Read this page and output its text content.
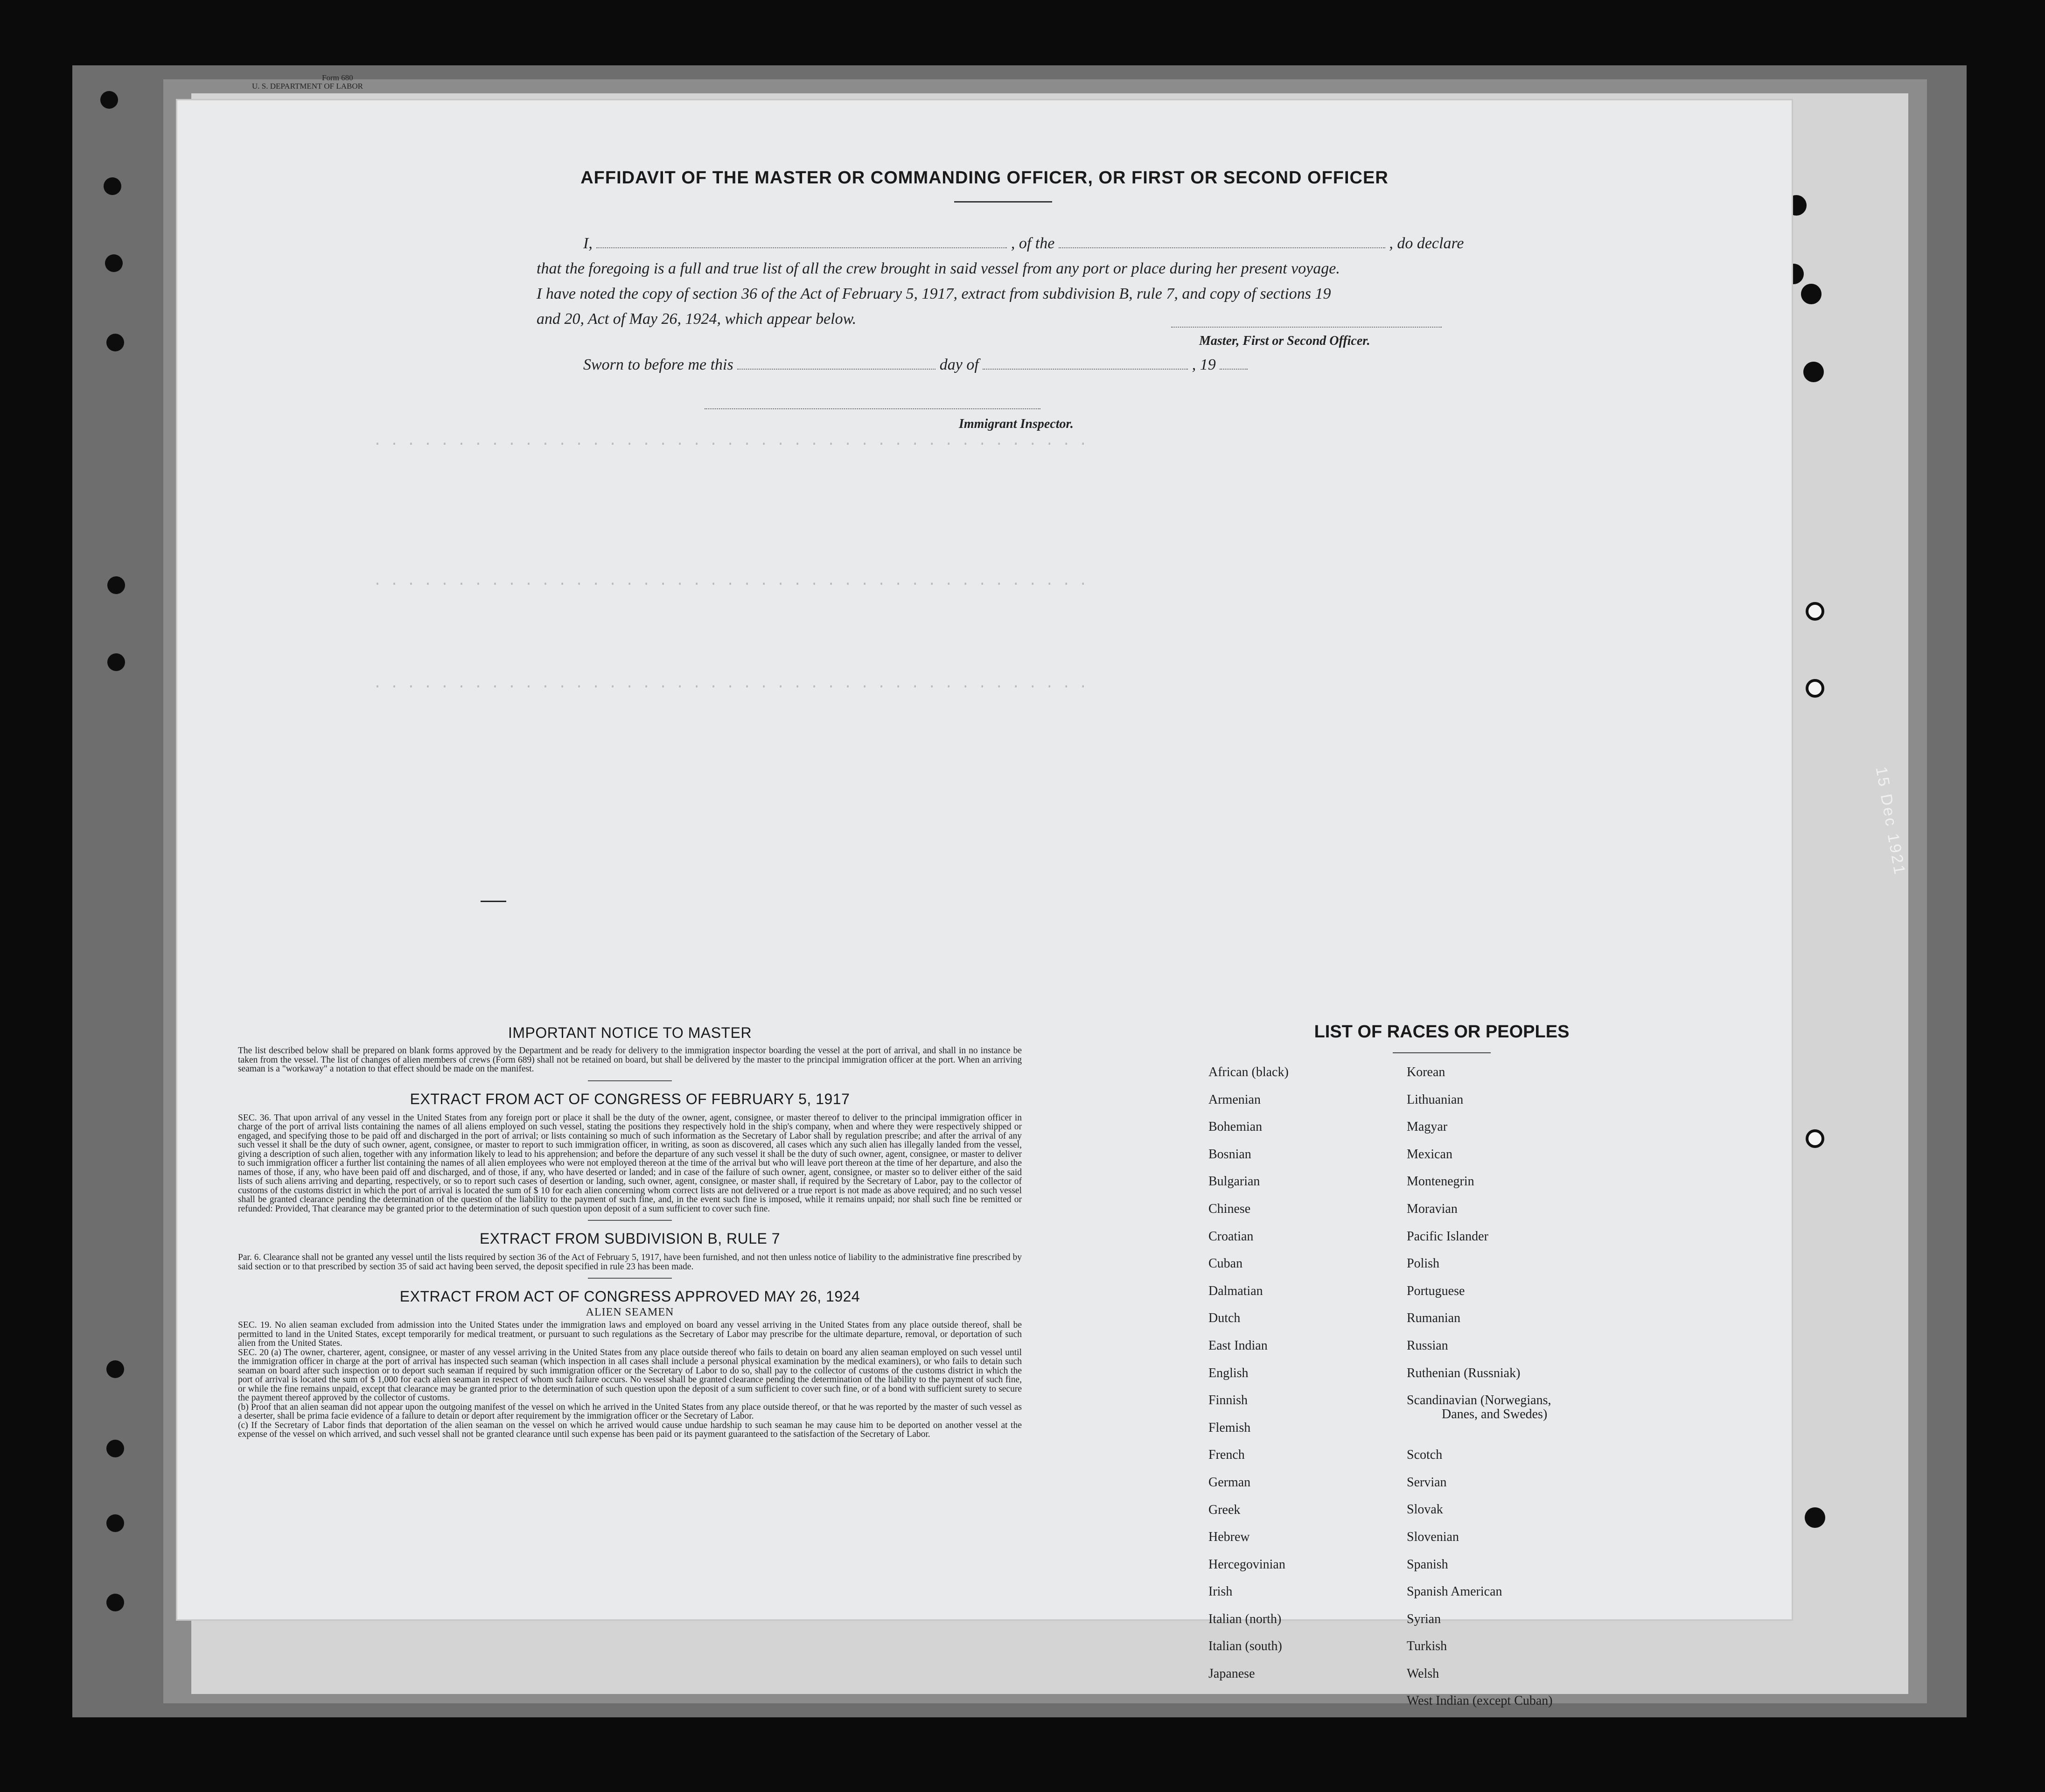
Form 680
U. S. DEPARTMENT OF LABOR
15 Dec 1921
· · · · · · · · · · · · · · · · · · · · · · · · · · · · · · · · · · · · · · · · · · ·
· · · · · · · · · · · · · · · · · · · · · · · · · · · · · · · · · · · · · · · · · · ·
· · · · · · · · · · · · · · · · · · · · · · · · · · · · · · · · · · · · · · · · · · ·
AFFIDAVIT OF THE MASTER OR COMMANDING OFFICER, OR FIRST OR SECOND OFFICER

I,	, of the	, do declare

that the foregoing is a full and true list of all the crew brought in said vessel from any port or place during her present voyage.

I have noted the copy of section 36 of the Act of February 5, 1917, extract from subdivision B, rule 7, and copy of sections 19

and 20, Act of May 26, 1924, which appear below.

Master, First or Second Officer.
Sworn to before me this	day of	, 19
Immigrant Inspector.

IMPORTANT NOTICE TO MASTER

The list described below shall be prepared on blank forms approved by the Department and be ready for delivery to the immigration inspector boarding the vessel at the port of arrival, and shall in no instance be taken from the vessel. The list of changes of alien members of crews (Form 689) shall not be retained on board, but shall be delivered by the master to the principal immigration officer at the port. When an arriving seaman is a "workaway" a notation to that effect should be made on the manifest.

EXTRACT FROM ACT OF CONGRESS OF FEBRUARY 5, 1917

SEC. 36. That upon arrival of any vessel in the United States from any foreign port or place it shall be the duty of the owner, agent, consignee, or master thereof to deliver to the principal immigration officer in charge of the port of arrival lists containing the names of all aliens employed on such vessel, stating the positions they respectively hold in the ship's company, when and where they were respectively shipped or engaged, and specifying those to be paid off and discharged in the port of arrival; or lists containing so much of such information as the Secretary of Labor shall by regulation prescribe; and after the arrival of any such vessel it shall be the duty of such owner, agent, consignee, or master to report to such immigration officer, in writing, as soon as discovered, all cases which any such alien has illegally landed from the vessel, giving a description of such alien, together with any information likely to lead to his apprehension; and before the departure of any such vessel it shall be the duty of such owner, agent, consignee, or master to deliver to such immigration officer a further list containing the names of all alien employees who were not employed thereon at the time of the arrival but who will leave port thereon at the time of her departure, and also the names of those, if any, who have been paid off and discharged, and of those, if any, who have deserted or landed; and in case of the failure of such owner, agent, consignee, or master so to deliver either of the said lists of such aliens arriving and departing, respectively, or so to report such cases of desertion or landing, such owner, agent, consignee, or master shall, if required by the Secretary of Labor, pay to the collector of customs of the customs district in which the port of arrival is located the sum of $ 10 for each alien concerning whom correct lists are not delivered or a true report is not made as above required; and no such vessel shall be granted clearance pending the determination of the question of the liability to the payment of such fine, and, in the event such fine is imposed, while it remains unpaid; nor shall such fine be remitted or refunded: Provided, That clearance may be granted prior to the determination of such question upon deposit of a sum sufficient to cover such fine.

EXTRACT FROM SUBDIVISION B, RULE 7

Par. 6. Clearance shall not be granted any vessel until the lists required by section 36 of the Act of February 5, 1917, have been furnished, and not then unless notice of liability to the administrative fine prescribed by said section or to that prescribed by section 35 of said act having been served, the deposit specified in rule 23 has been made.

EXTRACT FROM ACT OF CONGRESS APPROVED MAY 26, 1924

ALIEN SEAMEN

SEC. 19. No alien seaman excluded from admission into the United States under the immigration laws and employed on board any vessel arriving in the United States from any place outside thereof, shall be permitted to land in the United States, except temporarily for medical treatment, or pursuant to such regulations as the Secretary of Labor may prescribe for the ultimate departure, removal, or deportation of such alien from the United States.

SEC. 20 (a) The owner, charterer, agent, consignee, or master of any vessel arriving in the United States from any place outside thereof who fails to detain on board any alien seaman employed on such vessel until the immigration officer in charge at the port of arrival has inspected such seaman (which inspection in all cases shall include a personal physical examination by the medical examiners), or who fails to detain such seaman on board after such inspection or to deport such seaman if required by such immigration officer or the Secretary of Labor to do so, shall pay to the collector of customs of the customs district in which the port of arrival is located the sum of $ 1,000 for each alien seaman in respect of whom such failure occurs. No vessel shall be granted clearance pending the determination of the liability to the payment of such fine, or while the fine remains unpaid, except that clearance may be granted prior to the determination of such question upon the deposit of a sum sufficient to cover such fine, or of a bond with sufficient surety to secure the payment thereof approved by the collector of customs.

(b) Proof that an alien seaman did not appear upon the outgoing manifest of the vessel on which he arrived in the United States from any place outside thereof, or that he was reported by the master of such vessel as a deserter, shall be prima facie evidence of a failure to detain or deport after requirement by the immigration officer or the Secretary of Labor.

(c) If the Secretary of Labor finds that deportation of the alien seaman on the vessel on which he arrived would cause undue hardship to such seaman he may cause him to be deported on another vessel at the expense of the vessel on which arrived, and such vessel shall not be granted clearance until such expense has been paid or its payment guaranteed to the satisfaction of the Secretary of Labor.

LIST OF RACES OR PEOPLES

African (black)
Armenian
Bohemian
Bosnian
Bulgarian
Chinese
Croatian
Cuban
Dalmatian
Dutch
East Indian
English
Finnish
Flemish
French
German
Greek
Hebrew
Hercegovinian
Irish
Italian (north)
Italian (south)
Japanese
Korean
Lithuanian
Magyar
Mexican
Montenegrin
Moravian
Pacific Islander
Polish
Portuguese
Rumanian
Russian
Ruthenian (Russniak)
Scandinavian (Norwegians,
Danes, and Swedes)
Scotch
Servian
Slovak
Slovenian
Spanish
Spanish American
Syrian
Turkish
Welsh
West Indian (except Cuban)
